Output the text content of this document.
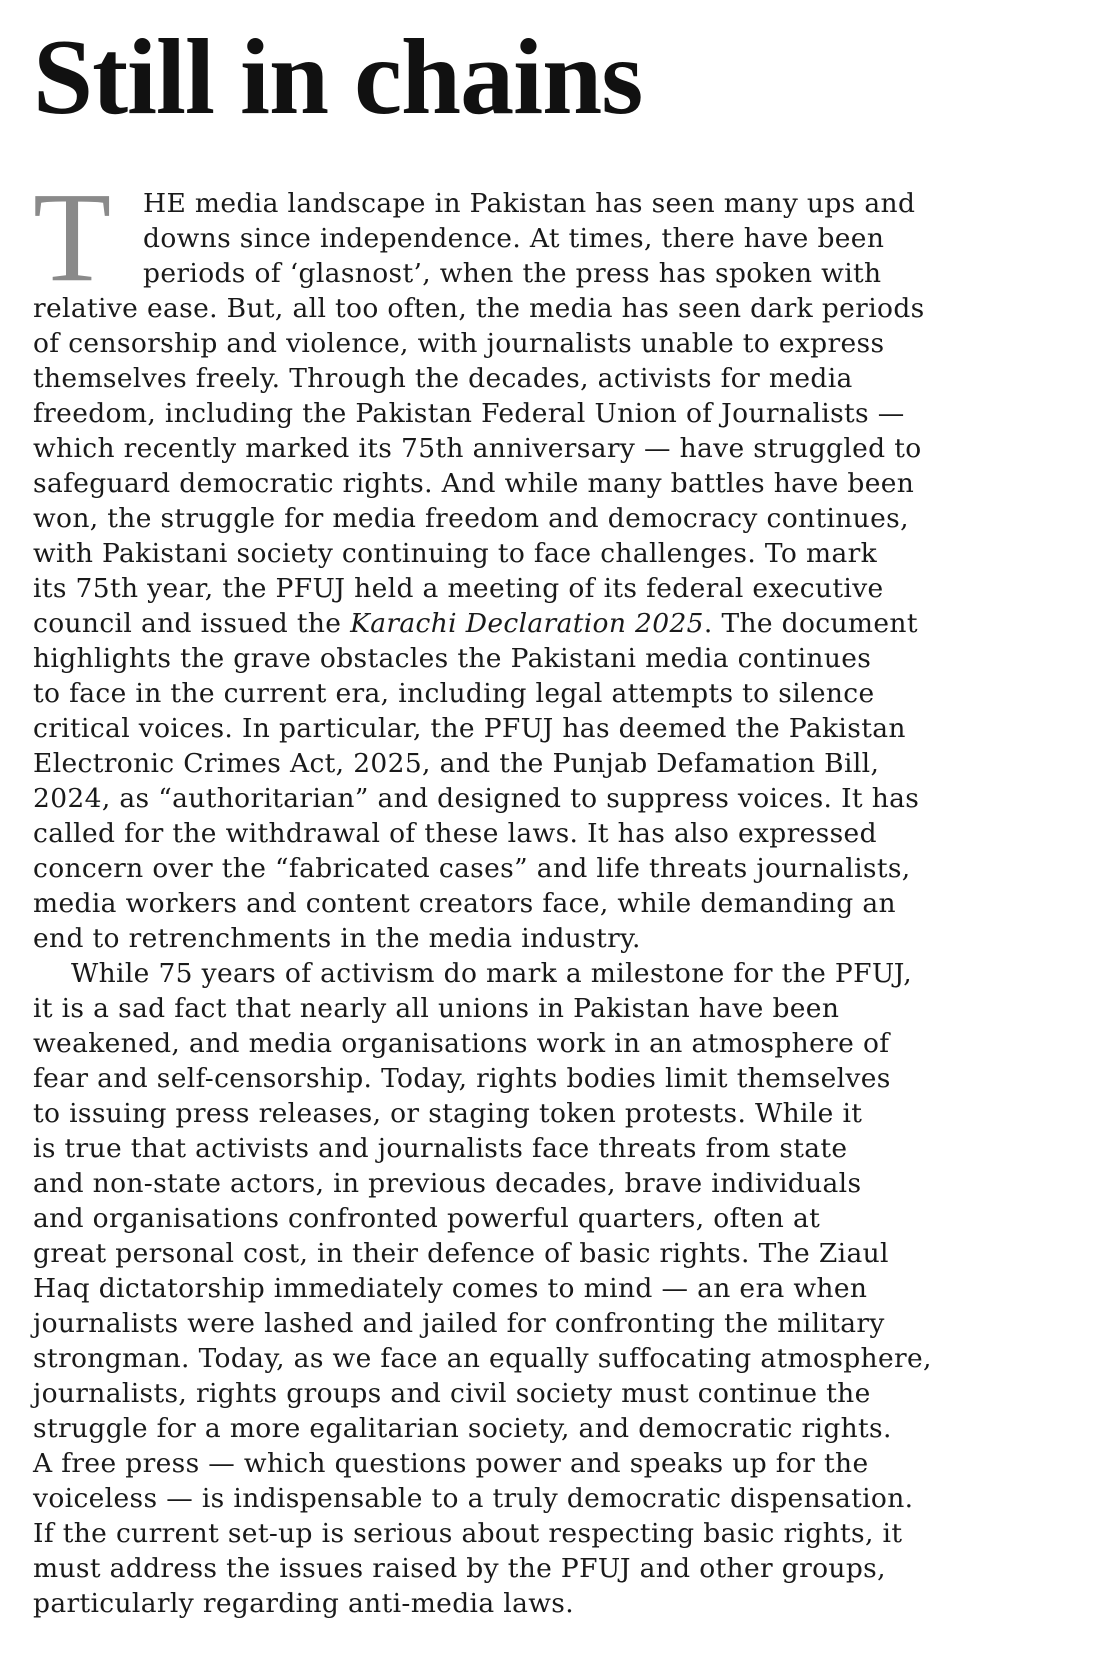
Still in chains
T	HE media landscape in Pakistan has seen many ups and
downs since independence. At times, there have been
periods of ‘glasnost’, when the press has spoken with
relative ease. But, all too often, the media has seen dark periods
of censorship and violence, with journalists unable to express
themselves freely. Through the decades, activists for media
freedom, including the Pakistan Federal Union of Journalists —
which recently marked its 75th anniversary — have struggled to
safeguard democratic rights. And while many battles have been
won, the struggle for media freedom and democracy continues,
with Pakistani society continuing to face challenges. To mark
its 75th year, the PFUJ held a meeting of its federal executive
council and issued the Karachi Declaration 2025. The document
highlights the grave obstacles the Pakistani media continues
to face in the current era, including legal attempts to silence
critical voices. In particular, the PFUJ has deemed the Pakistan
Electronic Crimes Act, 2025, and the Punjab Defamation Bill,
2024, as “authoritarian” and designed to suppress voices. It has
called for the withdrawal of these laws. It has also expressed
concern over the “fabricated cases” and life threats journalists,
media workers and content creators face, while demanding an
end to retrenchments in the media industry.
While 75 years of activism do mark a milestone for the PFUJ,
it is a sad fact that nearly all unions in Pakistan have been
weakened, and media organisations work in an atmosphere of
fear and self-censorship. Today, rights bodies limit themselves
to issuing press releases, or staging token protests. While it
is true that activists and journalists face threats from state
and non-state actors, in previous decades, brave individuals
and organisations confronted powerful quarters, often at
great personal cost, in their defence of basic rights. The Ziaul
Haq dictatorship immediately comes to mind — an era when
journalists were lashed and jailed for confronting the military
strongman. Today, as we face an equally suffocating atmosphere,
journalists, rights groups and civil society must continue the
struggle for a more egalitarian society, and democratic rights.
A free press — which questions power and speaks up for the
voiceless — is indispensable to a truly democratic dispensation.
If the current set-up is serious about respecting basic rights, it
must address the issues raised by the PFUJ and other groups,
particularly regarding anti-media laws.
